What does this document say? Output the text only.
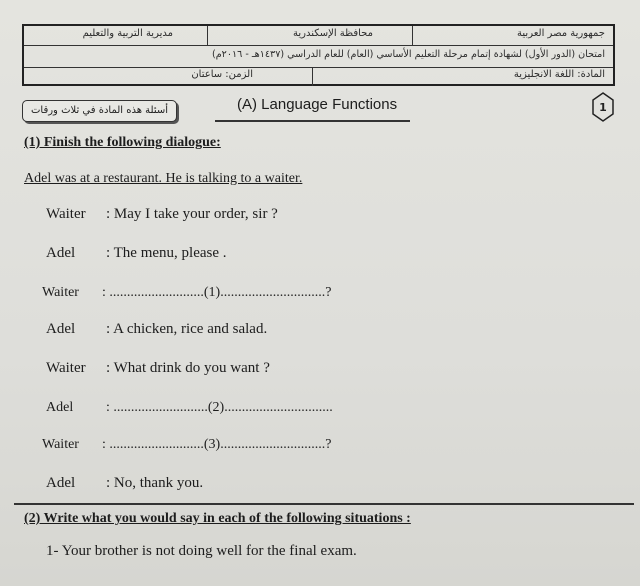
جمهورية مصر العربية
محافظة الإسكندرية
مديرية التربية والتعليم
امتحان (الدور الأول) لشهادة إتمام مرحلة التعليم الأساسي (العام) للعام الدراسي (١٤٣٧هـ - ٢٠١٦م)
المادة: اللغة الانجليزية
الزمن: ساعتان
أسئلة هذه المادة في ثلاث ورقات	(A) Language Functions	1
(1) Finish the following dialogue:
Adel was at a restaurant. He is talking to a waiter.
Waiter : May I take your order, sir ?
Adel : The menu, please .
Waiter : ...........................(1)..............................?
Adel : A chicken, rice and salad.
Waiter : What drink do you want ?
Adel : ...........................(2)...............................
Waiter : ...........................(3)..............................?
Adel : No, thank you.
(2) Write what you would say in each of the following situations :
1- Your brother is not doing well for the final exam.
